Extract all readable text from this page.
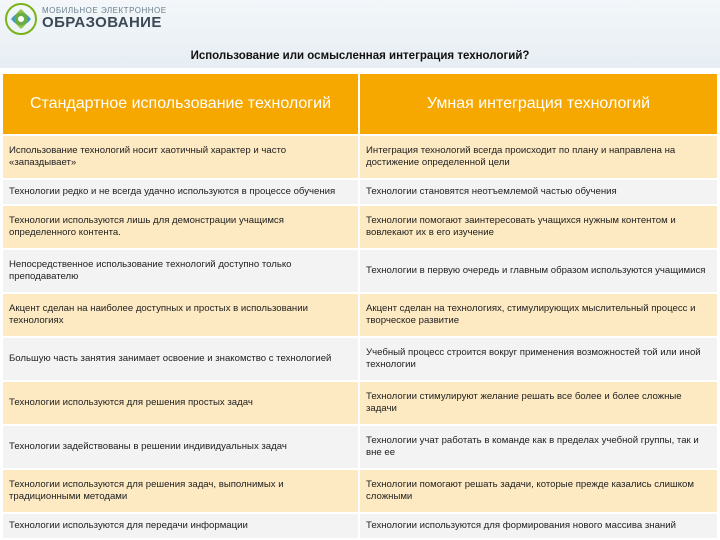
МОБИЛЬНОЕ ЭЛЕКТРОННОЕ
ОБРАЗОВАНИЕ
Использование или осмысленная интеграция технологий?
Стандартное использование технологий	Умная интеграция технологий
Использование технологий носит хаотичный характер и часто «запаздывает»	Интеграция технологий всегда происходит по плану и направлена на достижение определенной цели
Технологии редко и не всегда удачно используются в процессе обучения	Технологии становятся неотъемлемой частью обучения
Технологии используются лишь для демонстрации учащимся определенного контента.	Технологии помогают заинтересовать учащихся нужным контентом и вовлекают их в его изучение
Непосредственное использование технологий доступно только преподавателю	Технологии в первую очередь и главным образом используются учащимися
Акцент сделан на наиболее доступных и простых в использовании технологиях	Акцент сделан на технологиях, стимулирующих мыслительный процесс и творческое развитие
Большую часть занятия занимает освоение и знакомство с технологией	Учебный процесс строится вокруг применения возможностей той или иной технологии
Технологии используются для решения простых задач	Технологии стимулируют желание решать все более и более сложные задачи
Технологии задействованы в решении индивидуальных задач	Технологии учат работать в команде как в пределах учебной группы, так и вне ее
Технологии используются для решения задач, выполнимых и традиционными методами	Технологии помогают решать задачи, которые прежде казались слишком сложными
Технологии используются для передачи информации	Технологии используются для формирования нового массива знаний
